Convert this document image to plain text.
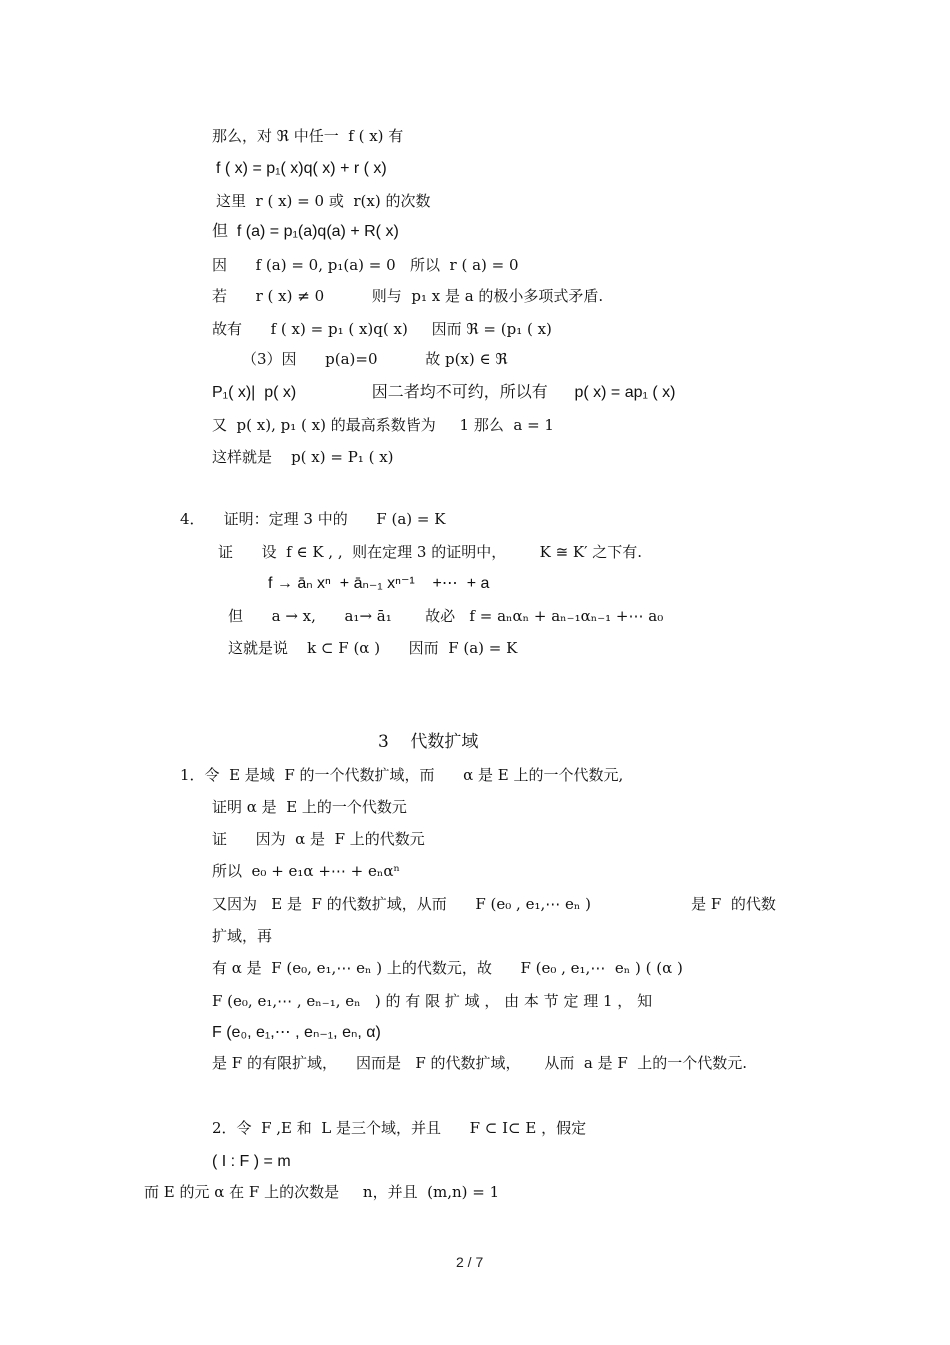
那么，对 ℜ 中任一  f ( x) 有
f ( x) = p₁( x)q( x) + r ( x)
这里  r ( x) = 0 或  r(x) 的次数
但  f (a) = p₁(a)q(a) + R( x)
因      f (a) = 0, p₁(a) = 0   所以  r ( a) = 0
若      r ( x) ≠ 0          则与  p₁ x 是 a 的极小多项式矛盾.
故有      f ( x) = p₁ ( x)q( x)     因而 ℜ = (p₁ ( x)
（3）因      p(a)=0          故 p(x) ∈ ℜ
P₁( x)|  p( x)                 因二者均不可约，所以有      p( x) = ap₁ ( x)
又  p( x), p₁ ( x) 的最高系数皆为     1 那么  a = 1
这样就是    p( x) = P₁ ( x)
4．    证明：定理 3 中的      F (a) = K
证      设  f ∈ K , ,  则在定理 3 的证明中，       K ≅ K′ 之下有.
f → āₙ xⁿ  + āₙ₋₁ xⁿ⁻¹    +⋯  + a
但      a → x,      a₁→ ā₁       故必   f = aₙαₙ + aₙ₋₁αₙ₋₁ +⋯ a₀
这就是说    k ⊂ F (α )      因而  F (a) = K
3    代数扩域
1．令  E 是域  F 的一个代数扩域，而      α 是 E 上的一个代数元,
证明 α 是  E 上的一个代数元
证      因为  α 是  F 上的代数元
所以  e₀ + e₁α +⋯ + eₙαⁿ
又因为   E 是  F 的代数扩域，从而      F (e₀ , e₁,⋯ eₙ )                     是 F  的代数
扩域，再
有 α 是  F (e₀, e₁,⋯ eₙ ) 上的代数元，故      F (e₀ , e₁,⋯  eₙ ) ( (α )
F (e₀, e₁,⋯ , eₙ₋₁, eₙ   ) 的 有 限 扩 域 ， 由 本 节 定 理 1 ， 知
F (e₀, e₁,⋯ , eₙ₋₁, eₙ, α)
是 F 的有限扩域，    因而是   F 的代数扩域，     从而  a 是 F  上的一个代数元.
2．令  F ,E 和  L 是三个域，并且      F ⊂ I⊂ E ，假定
( I : F ) = m
而 E 的元 α 在 F 上的次数是     n，并且  (m,n) = 1
2 / 7
